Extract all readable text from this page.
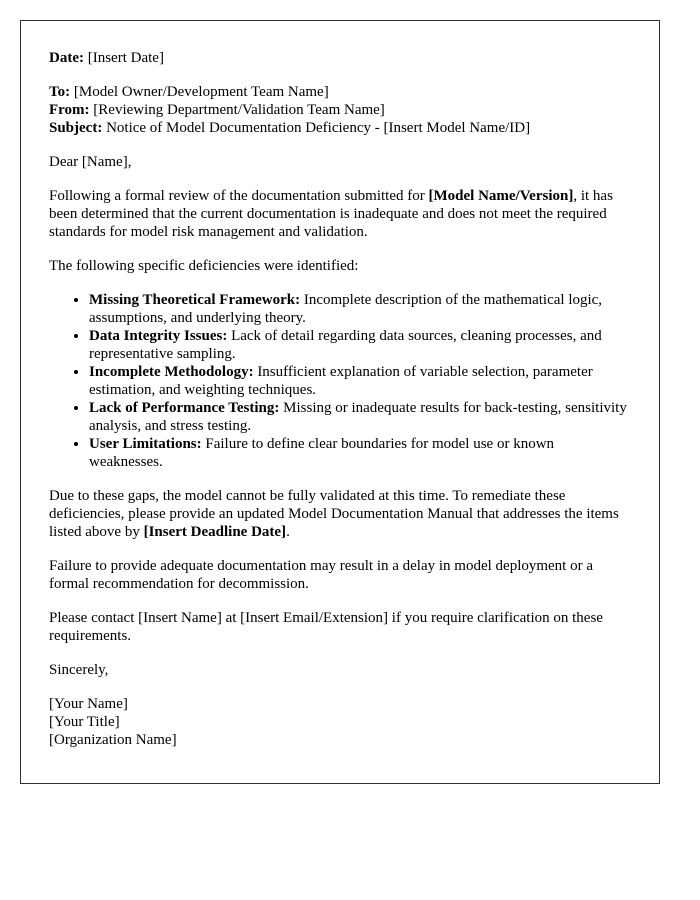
Date: [Insert Date]

To: [Model Owner/Development Team Name]
From: [Reviewing Department/Validation Team Name]
Subject: Notice of Model Documentation Deficiency - [Insert Model Name/ID]

Dear [Name],

Following a formal review of the documentation submitted for [Model Name/Version], it has been determined that the current documentation is inadequate and does not meet the required standards for model risk management and validation.

The following specific deficiencies were identified:

• Missing Theoretical Framework: Incomplete description of the mathematical logic, assumptions, and underlying theory.
• Data Integrity Issues: Lack of detail regarding data sources, cleaning processes, and representative sampling.
• Incomplete Methodology: Insufficient explanation of variable selection, parameter estimation, and weighting techniques.
• Lack of Performance Testing: Missing or inadequate results for back-testing, sensitivity analysis, and stress testing.
• User Limitations: Failure to define clear boundaries for model use or known weaknesses.

Due to these gaps, the model cannot be fully validated at this time. To remediate these deficiencies, please provide an updated Model Documentation Manual that addresses the items listed above by [Insert Deadline Date].

Failure to provide adequate documentation may result in a delay in model deployment or a formal recommendation for decommission.

Please contact [Insert Name] at [Insert Email/Extension] if you require clarification on these requirements.

Sincerely,

[Your Name]
[Your Title]
[Organization Name]
